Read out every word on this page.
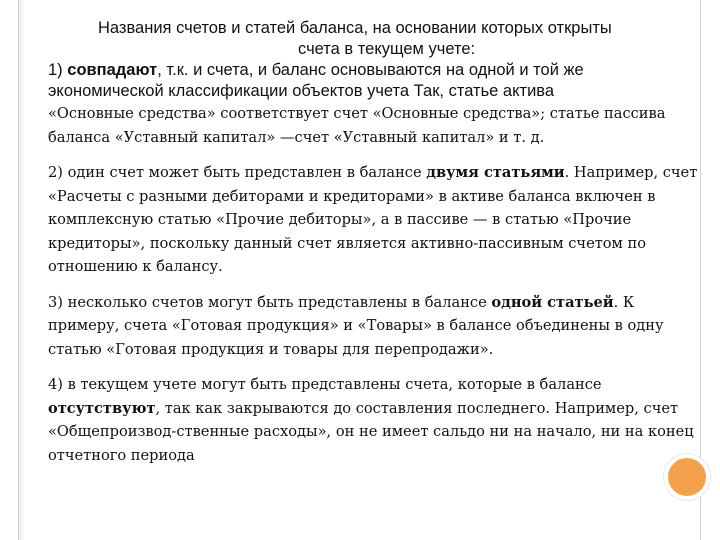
Названия счетов и статей баланса, на основании которых открыты

счета в текущем учете:

1) совпадают, т.к. и счета, и баланс основываются на одной и той же экономической классификации объектов учета Так, статье актива

«Основные средства» соответствует счет «Основные средства»; статье пассива баланса «Уставный капитал» —счет «Уставный капитал» и т. д.

2) один счет может быть представлен в балансе двумя статьями. Например, счет «Расчеты с разными дебиторами и кредиторами» в активе баланса включен в комплексную статью «Прочие дебиторы», а в пассиве — в статью «Прочие кредиторы», поскольку данный счет является активно-пассивным счетом по отношению к балансу.

3) несколько счетов могут быть представлены в балансе одной статьей. К примеру, счета «Готовая продукция» и «Товары» в балансе объединены в одну статью «Готовая продукция и товары для перепродажи».

4) в текущем учете могут быть представлены счета, которые в балансе отсутствуют, так как закрываются до составления последнего. Например, счет «Общепроизвод-ственные расходы», он не имеет сальдо ни на начало, ни на конец отчетного периода
